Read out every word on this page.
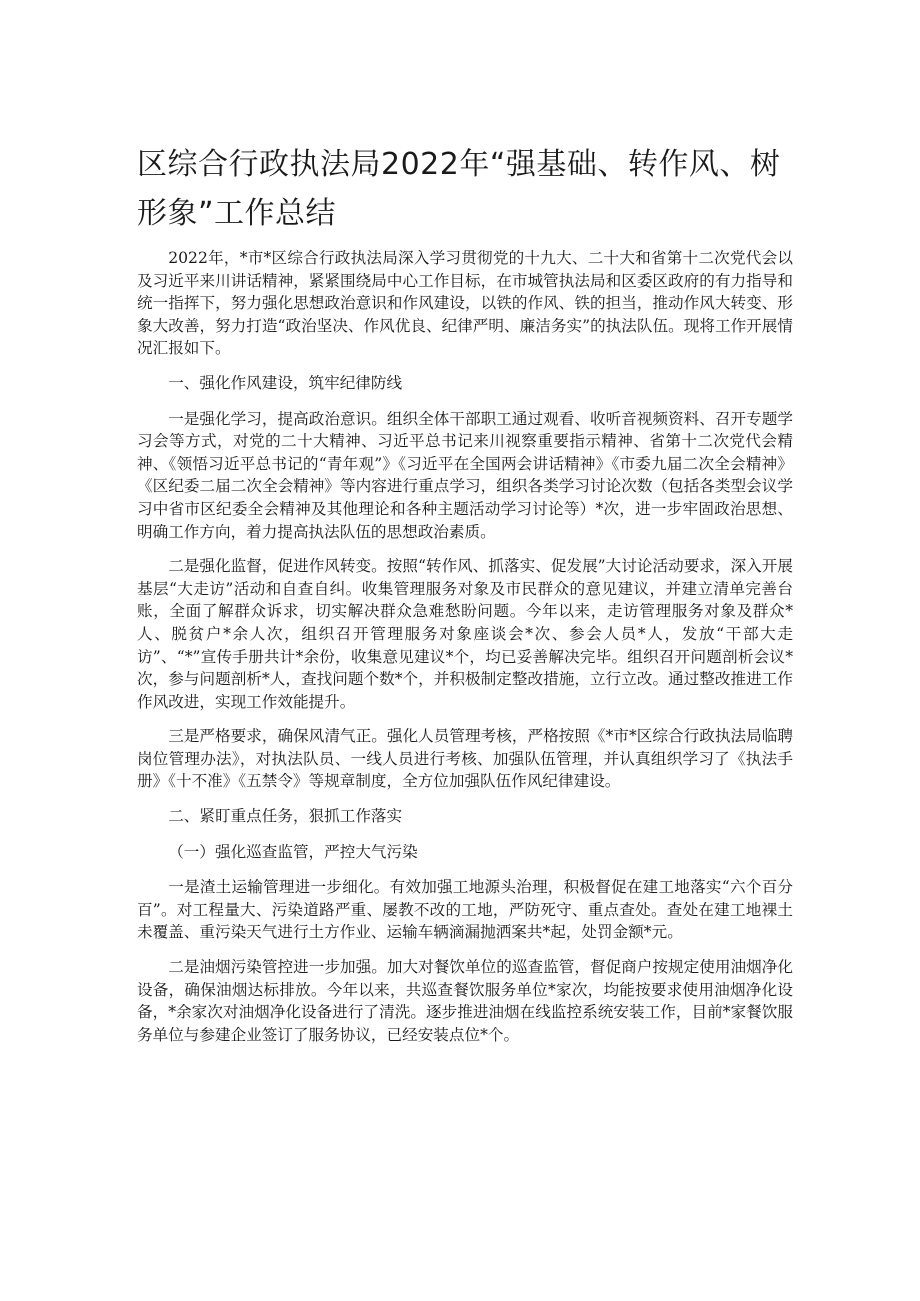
区综合行政执法局2022年“强基础、转作风、树形象”工作总结

2022年，*市*区综合行政执法局深入学习贯彻党的十九大、二十大和省第十二次党代会以及习近平来川讲话精神，紧紧围绕局中心工作目标，在市城管执法局和区委区政府的有力指导和统一指挥下，努力强化思想政治意识和作风建设，以铁的作风、铁的担当，推动作风大转变、形象大改善，努力打造“政治坚决、作风优良、纪律严明、廉洁务实”的执法队伍。现将工作开展情况汇报如下。

一、强化作风建设，筑牢纪律防线

一是强化学习，提高政治意识。组织全体干部职工通过观看、收听音视频资料、召开专题学习会等方式，对党的二十大精神、习近平总书记来川视察重要指示精神、省第十二次党代会精神、《领悟习近平总书记的“青年观”》《习近平在全国两会讲话精神》《市委九届二次全会精神》《区纪委二届二次全会精神》等内容进行重点学习，组织各类学习讨论次数（包括各类型会议学习中省市区纪委全会精神及其他理论和各种主题活动学习讨论等）*次，进一步牢固政治思想、明确工作方向，着力提高执法队伍的思想政治素质。

二是强化监督，促进作风转变。按照“转作风、抓落实、促发展”大讨论活动要求，深入开展基层“大走访”活动和自查自纠。收集管理服务对象及市民群众的意见建议，并建立清单完善台账，全面了解群众诉求，切实解决群众急难愁盼问题。今年以来，走访管理服务对象及群众*人、脱贫户*余人次，组织召开管理服务对象座谈会*次、参会人员*人，发放“干部大走访”、“*”宣传手册共计*余份，收集意见建议*个，均已妥善解决完毕。组织召开问题剖析会议*次，参与问题剖析*人，查找问题个数*个，并积极制定整改措施，立行立改。通过整改推进工作作风改进，实现工作效能提升。

三是严格要求，确保风清气正。强化人员管理考核，严格按照《*市*区综合行政执法局临聘岗位管理办法》，对执法队员、一线人员进行考核、加强队伍管理，并认真组织学习了《执法手册》《十不准》《五禁令》等规章制度，全方位加强队伍作风纪律建设。

二、紧盯重点任务，狠抓工作落实

（一）强化巡查监管，严控大气污染

一是渣土运输管理进一步细化。有效加强工地源头治理，积极督促在建工地落实“六个百分百”。对工程量大、污染道路严重、屡教不改的工地，严防死守、重点查处。查处在建工地裸土未覆盖、重污染天气进行土方作业、运输车辆滴漏抛洒案共*起，处罚金额*元。

二是油烟污染管控进一步加强。加大对餐饮单位的巡查监管，督促商户按规定使用油烟净化设备，确保油烟达标排放。今年以来，共巡查餐饮服务单位*家次，均能按要求使用油烟净化设备，*余家次对油烟净化设备进行了清洗。逐步推进油烟在线监控系统安装工作，目前*家餐饮服务单位与参建企业签订了服务协议，已经安装点位*个。
